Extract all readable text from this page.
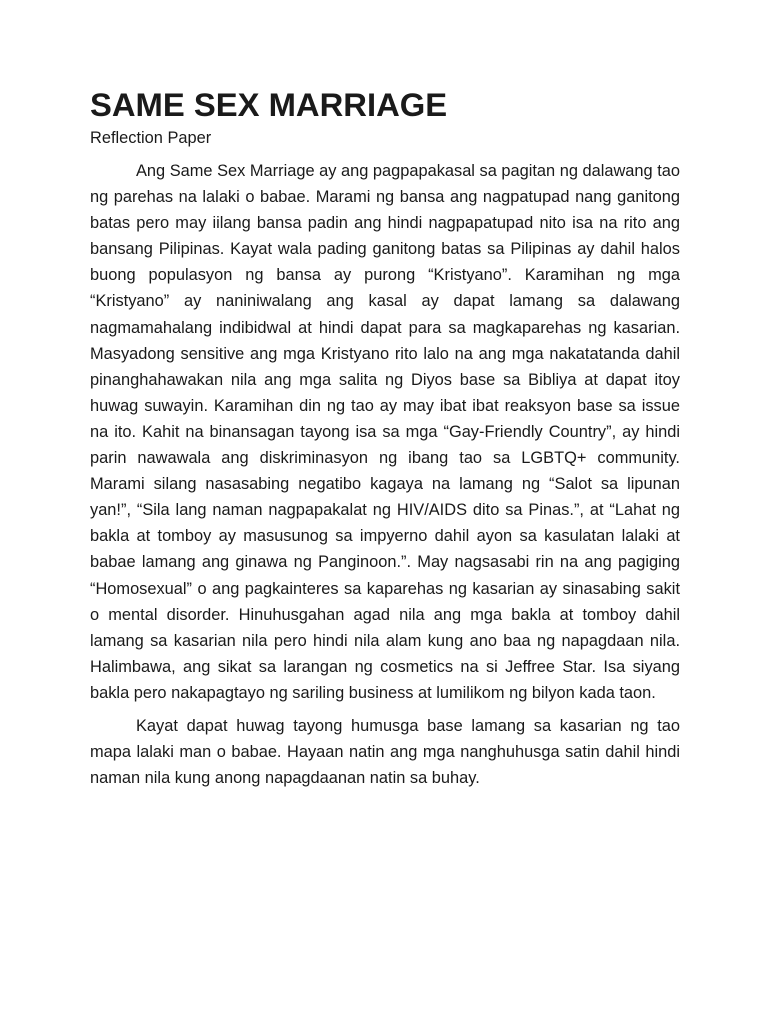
SAME SEX MARRIAGE

Reflection Paper

Ang Same Sex Marriage ay ang pagpapakasal sa pagitan ng dalawang tao ng parehas na lalaki o babae. Marami ng bansa ang nagpatupad nang ganitong batas pero may iilang bansa padin ang hindi nagpapatupad nito isa na rito ang bansang Pilipinas. Kayat wala pading ganitong batas sa Pilipinas ay dahil halos buong populasyon ng bansa ay purong “Kristyano”. Karamihan ng mga “Kristyano” ay naniniwalang ang kasal ay dapat lamang sa dalawang nagmamahalang indibidwal at hindi dapat para sa magkaparehas ng kasarian. Masyadong sensitive ang mga Kristyano rito lalo na ang mga nakatatanda dahil pinanghahawakan nila ang mga salita ng Diyos base sa Bibliya at dapat itoy huwag suwayin. Karamihan din ng tao ay may ibat ibat reaksyon base sa issue na ito. Kahit na binansagan tayong isa sa mga “Gay-Friendly Country”, ay hindi parin nawawala ang diskriminasyon ng ibang tao sa LGBTQ+ community. Marami silang nasasabing negatibo kagaya na lamang ng “Salot sa lipunan yan!”, “Sila lang naman nagpapakalat ng HIV/AIDS dito sa Pinas.”, at “Lahat ng bakla at tomboy ay masusunog sa impyerno dahil ayon sa kasulatan lalaki at babae lamang ang ginawa ng Panginoon.”. May nagsasabi rin na ang pagiging “Homosexual” o ang pagkainteres sa kaparehas ng kasarian ay sinasabing sakit o mental disorder. Hinuhusgahan agad nila ang mga bakla at tomboy dahil lamang sa kasarian nila pero hindi nila alam kung ano baa ng napagdaan nila. Halimbawa, ang sikat sa larangan ng cosmetics na si Jeffree Star. Isa siyang bakla pero nakapagtayo ng sariling business at lumilikom ng bilyon kada taon.

Kayat dapat huwag tayong humusga base lamang sa kasarian ng tao mapa lalaki man o babae. Hayaan natin ang mga nanghuhusga satin dahil hindi naman nila kung anong napagdaanan natin sa buhay.
